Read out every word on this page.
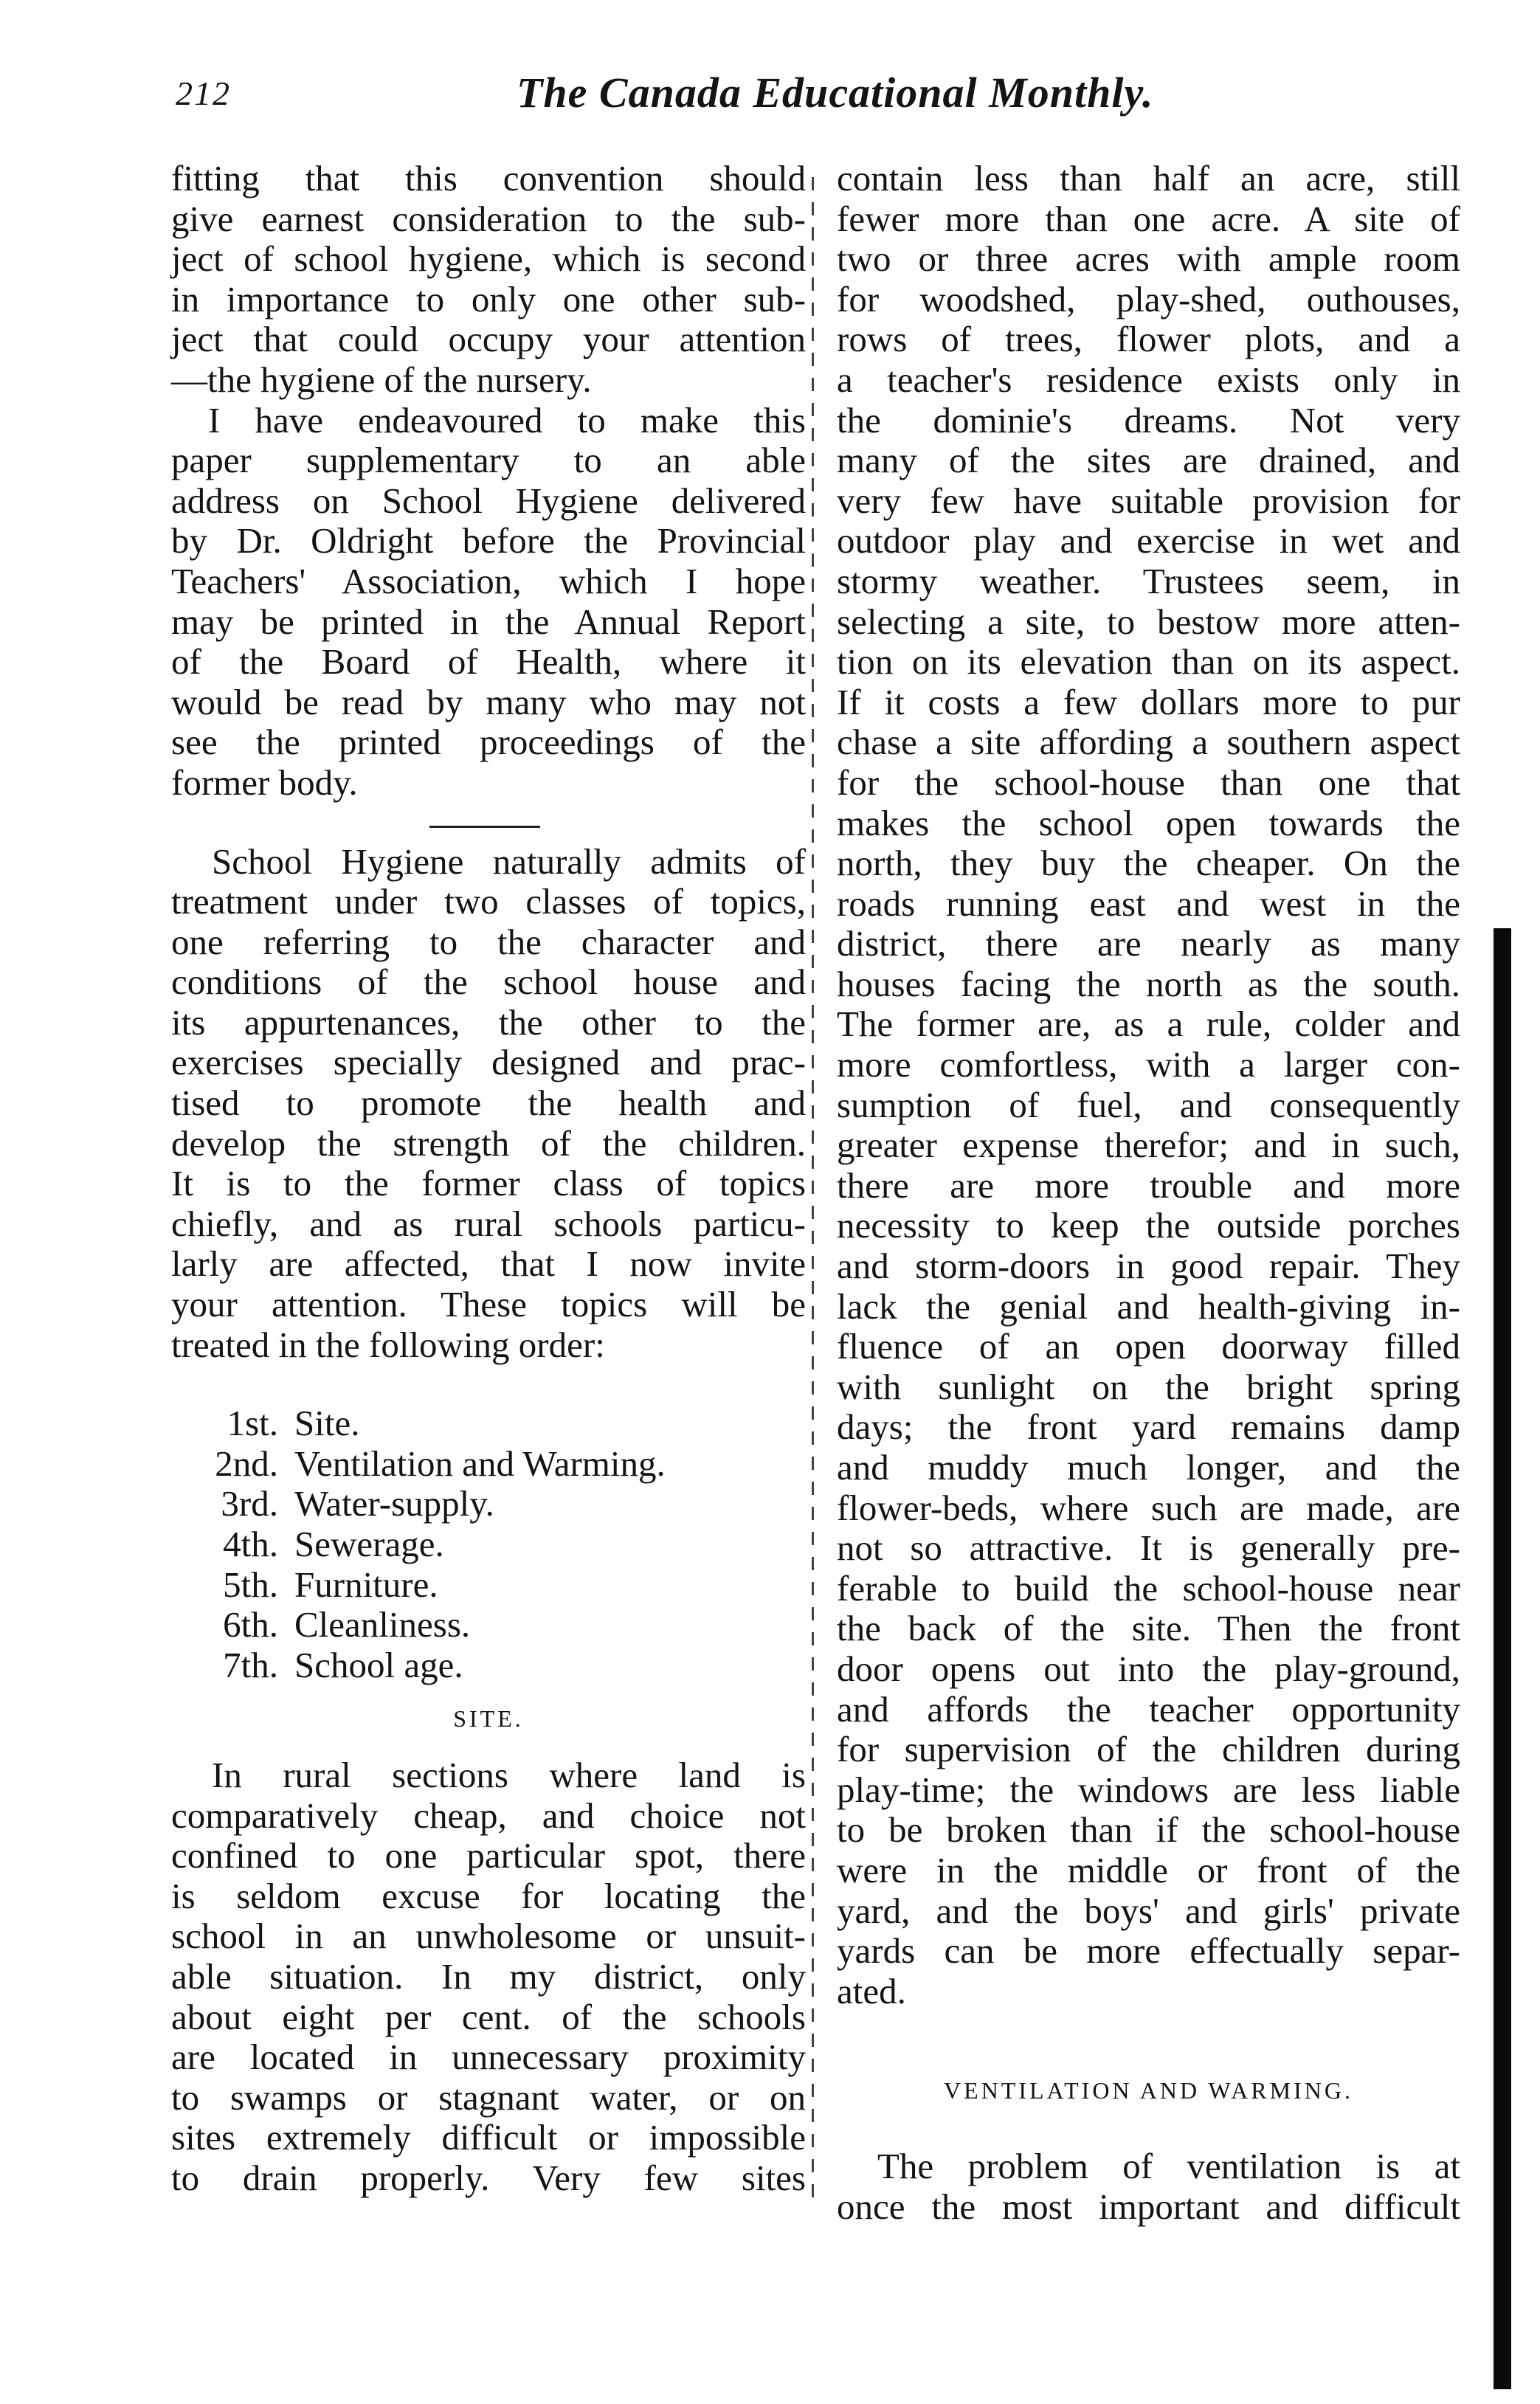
212	The Canada Educational Monthly.

fitting that this convention should

give earnest consideration to the sub-

ject of school hygiene, which is second

in importance to only one other sub-

ject that could occupy your attention

—the hygiene of the nursery.

I have endeavoured to make this

paper supplementary to an able

address on School Hygiene delivered

by Dr. Oldright before the Provincial

Teachers' Association, which I hope

may be printed in the Annual Report

of the Board of Health, where it

would be read by many who may not

see the printed proceedings of the

former body.

School Hygiene naturally admits of

treatment under two classes of topics,

one referring to the character and

conditions of the school house and

its appurtenances, the other to the

exercises specially designed and prac-

tised to promote the health and

develop the strength of the children.

It is to the former class of topics

chiefly, and as rural schools particu-

larly are affected, that I now invite

your attention. These topics will be

treated in the following order:

1st. Site.
2nd. Ventilation and Warming.
3rd. Water-supply.
4th. Sewerage.
5th. Furniture.
6th. Cleanliness.
7th. School age.
SITE.

In rural sections where land is

comparatively cheap, and choice not

confined to one particular spot, there

is seldom excuse for locating the

school in an unwholesome or unsuit-

able situation. In my district, only

about eight per cent. of the schools

are located in unnecessary proximity

to swamps or stagnant water, or on

sites extremely difficult or impossible

to drain properly. Very few sites

contain less than half an acre, still

fewer more than one acre. A site of

two or three acres with ample room

for woodshed, play-shed, outhouses,

rows of trees, flower plots, and a

a teacher's residence exists only in

the dominie's dreams. Not very

many of the sites are drained, and

very few have suitable provision for

outdoor play and exercise in wet and

stormy weather. Trustees seem, in

selecting a site, to bestow more atten-

tion on its elevation than on its aspect.

If it costs a few dollars more to pur

chase a site affording a southern aspect

for the school-house than one that

makes the school open towards the

north, they buy the cheaper. On the

roads running east and west in the

district, there are nearly as many

houses facing the north as the south.

The former are, as a rule, colder and

more comfortless, with a larger con-

sumption of fuel, and consequently

greater expense therefor; and in such,

there are more trouble and more

necessity to keep the outside porches

and storm-doors in good repair. They

lack the genial and health-giving in-

fluence of an open doorway filled

with sunlight on the bright spring

days; the front yard remains damp

and muddy much longer, and the

flower-beds, where such are made, are

not so attractive. It is generally pre-

ferable to build the school-house near

the back of the site. Then the front

door opens out into the play-ground,

and affords the teacher opportunity

for supervision of the children during

play-time; the windows are less liable

to be broken than if the school-house

were in the middle or front of the

yard, and the boys' and girls' private

yards can be more effectually separ-

ated.

VENTILATION AND WARMING.

The problem of ventilation is at

once the most important and difficult
